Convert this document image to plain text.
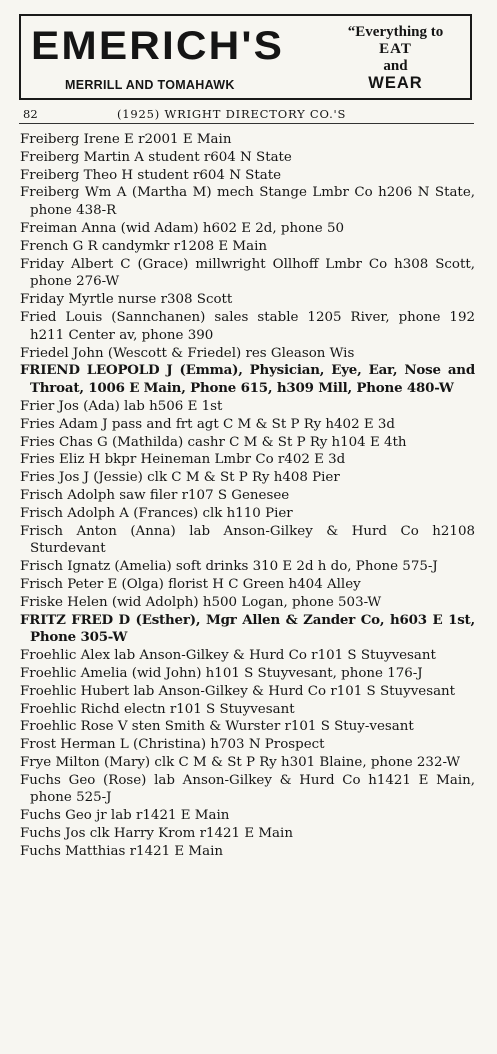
EMERICH'S
MERRILL AND TOMAHAWK
“Everything to
EAT
and
WEAR
82	(1925) WRIGHT DIRECTORY CO.'S
Freiberg Irene E r2001 E Main
Freiberg Martin A student r604 N State
Freiberg Theo H student r604 N State
Freiberg Wm A (Martha M) mech Stange Lmbr Co h206 N State, phone 438-R
Freiman Anna (wid Adam) h602 E 2d, phone 50
French G R candymkr r1208 E Main
Friday Albert C (Grace) millwright Ollhoff Lmbr Co h308 Scott, phone 276-W
Friday Myrtle nurse r308 Scott
Fried Louis (Sannchanen) sales stable 1205 River, phone 192 h211 Center av, phone 390
Friedel John (Wescott & Friedel) res Gleason Wis
FRIEND LEOPOLD J (Emma), Physician, Eye, Ear, Nose and Throat, 1006 E Main, Phone 615, h309 Mill, Phone 480-W
Frier Jos (Ada) lab h506 E 1st
Fries Adam J pass and frt agt C M & St P Ry h402 E 3d
Fries Chas G (Mathilda) cashr C M & St P Ry h104 E 4th
Fries Eliz H bkpr Heineman Lmbr Co r402 E 3d
Fries Jos J (Jessie) clk C M & St P Ry h408 Pier
Frisch Adolph saw filer r107 S Genesee
Frisch Adolph A (Frances) clk h110 Pier
Frisch Anton (Anna) lab Anson-Gilkey & Hurd Co h2108 Sturdevant
Frisch Ignatz (Amelia) soft drinks 310 E 2d h do, Phone 575-J
Frisch Peter E (Olga) florist H C Green h404 Alley
Friske Helen (wid Adolph) h500 Logan, phone 503-W
FRITZ FRED D (Esther), Mgr Allen & Zander Co, h603 E 1st, Phone 305-W
Froehlic Alex lab Anson-Gilkey & Hurd Co r101 S Stuyvesant
Froehlic Amelia (wid John) h101 S Stuyvesant, phone 176-J
Froehlic Hubert lab Anson-Gilkey & Hurd Co r101 S Stuyvesant
Froehlic Richd electn r101 S Stuyvesant
Froehlic Rose V sten Smith & Wurster r101 S Stuy-vesant
Frost Herman L (Christina) h703 N Prospect
Frye Milton (Mary) clk C M & St P Ry h301 Blaine, phone 232-W
Fuchs Geo (Rose) lab Anson-Gilkey & Hurd Co h1421 E Main, phone 525-J
Fuchs Geo jr lab r1421 E Main
Fuchs Jos clk Harry Krom r1421 E Main
Fuchs Matthias r1421 E Main
